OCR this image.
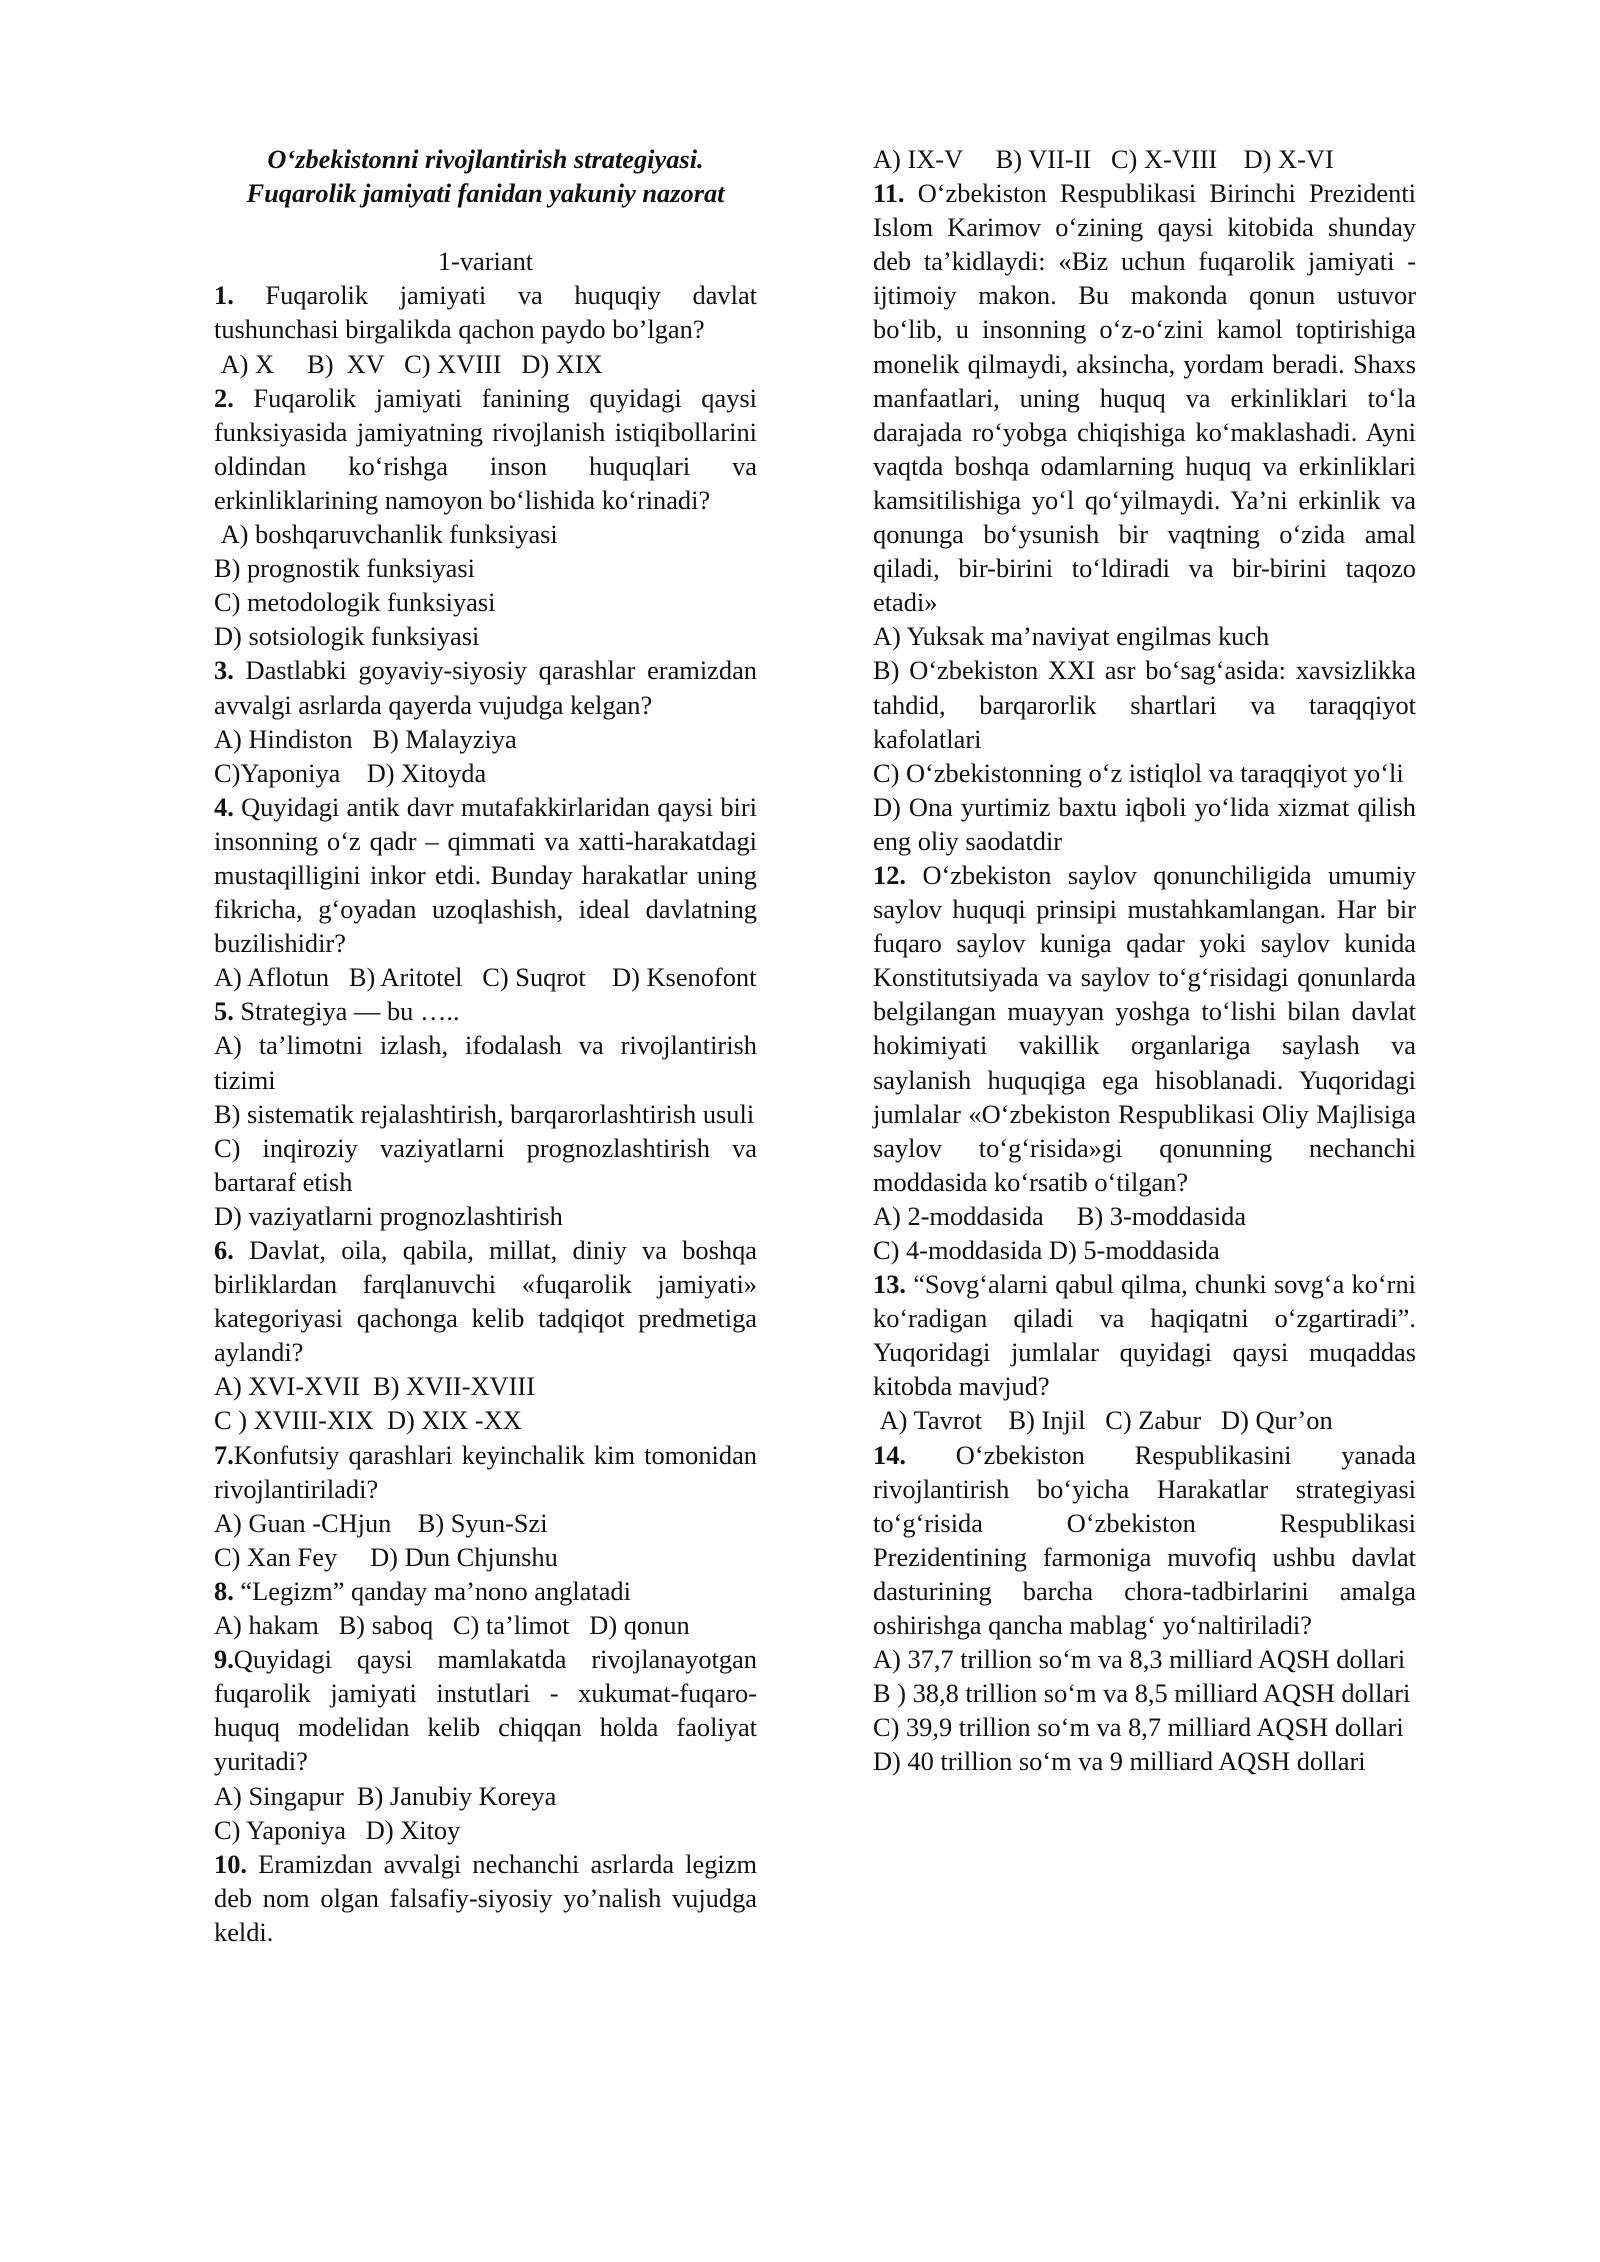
O‘zbekistonni rivojlantirish strategiyasi.

Fuqarolik jamiyati fanidan yakuniy nazorat

1-variant

1. Fuqarolik jamiyati va huquqiy davlat tushunchasi birgalikda qachon paydo bo’lgan?

A) X     B)  XV   C) XVIII   D) XIX

2. Fuqarolik jamiyati fanining quyidagi qaysi funksiyasida jamiyatning rivojlanish istiqibollarini oldindan ko‘rishga inson huquqlari va erkinliklarining namoyon bo‘lishida ko‘rinadi?

A) boshqaruvchanlik funksiyasi

B) prognostik funksiyasi

C) metodologik funksiyasi

D) sotsiologik funksiyasi

3. Dastlabki goyaviy-siyosiy qarashlar eramizdan avvalgi asrlarda qayerda vujudga kelgan?

A) Hindiston   B) Malayziya

C)Yaponiya    D) Xitoyda

4. Quyidagi antik davr mutafakkirlaridan qaysi biri insonning o‘z qadr – qimmati va xatti-harakatdagi mustaqilligini inkor etdi. Bunday harakatlar uning fikricha, g‘oyadan uzoqlashish, ideal davlatning buzilishidir?

A) Aflotun   B) Aritotel   C) Suqrot    D) Ksenofont

5. Strategiya — bu …..

A) ta’limotni izlash, ifodalash va rivojlantirish tizimi

B) sistematik rejalashtirish, barqarorlashtirish usuli

C) inqiroziy vaziyatlarni prognozlashtirish va bartaraf etish

D) vaziyatlarni prognozlashtirish

6. Davlat, oila, qabila, millat, diniy va boshqa birliklardan farqlanuvchi «fuqarolik jamiyati» kategoriyasi qachonga kelib tadqiqot predmetiga aylandi?

A) XVI-XVII  B) XVII-XVIII

C ) XVIII-XIX  D) XIX -XX

7.Konfutsiy qarashlari keyinchalik kim tomonidan rivojlantiriladi?

A) Guan -CHjun    B) Syun-Szi

C) Xan Fey     D) Dun Chjunshu

8. “Legizm” qanday ma’nono anglatadi

A) hakam   B) saboq   C) ta’limot   D) qonun

9.Quyidagi qaysi mamlakatda rivojlanayotgan fuqarolik jamiyati instutlari - xukumat-fuqaro-huquq modelidan kelib chiqqan holda faoliyat yuritadi?

A) Singapur  B) Janubiy Koreya

C) Yaponiya   D) Xitoy

10. Eramizdan avvalgi nechanchi asrlarda legizm deb nom olgan falsafiy-siyosiy yo’nalish vujudga keldi.

A) IX-V     B) VII-II   C) X-VIII    D) X-VI

11. O‘zbekiston Respublikasi Birinchi Prezidenti Islom Karimov o‘zining qaysi kitobida shunday deb ta’kidlaydi: «Biz uchun fuqarolik jamiyati - ijtimoiy makon. Bu makonda qonun ustuvor bo‘lib, u insonning o‘z-o‘zini kamol toptirishiga monelik qilmaydi, aksincha, yordam beradi. Shaxs manfaatlari, uning huquq va erkinliklari to‘la darajada ro‘yobga chiqishiga ko‘maklashadi. Ayni vaqtda boshqa odamlarning huquq va erkinliklari kamsitilishiga yo‘l qo‘yilmaydi. Ya’ni erkinlik va qonunga bo‘ysunish bir vaqtning o‘zida amal qiladi, bir-birini to‘ldiradi va bir-birini taqozo etadi»

A) Yuksak ma’naviyat engilmas kuch

B) O‘zbekiston XXI asr bo‘sag‘asida: xavsizlikka tahdid, barqarorlik shartlari va taraqqiyot kafolatlari

C) O‘zbekistonning o‘z istiqlol va taraqqiyot yo‘li

D) Ona yurtimiz baxtu iqboli yo‘lida xizmat qilish eng oliy saodatdir

12. O‘zbekiston saylov qonunchiligida umumiy saylov huquqi prinsipi mustahkamlangan. Har bir fuqaro saylov kuniga qadar yoki saylov kunida Konstitutsiyada va saylov to‘g‘risidagi qonunlarda belgilangan muayyan yoshga to‘lishi bilan davlat hokimiyati vakillik organlariga saylash va saylanish huquqiga ega hisoblanadi. Yuqoridagi jumlalar «O‘zbekiston Respublikasi Oliy Majlisiga saylov to‘g‘risida»gi qonunning nechanchi moddasida ko‘rsatib o‘tilgan?

A) 2-moddasida     B) 3-moddasida

C) 4-moddasida D) 5-moddasida

13. “Sovg‘alarni qabul qilma, chunki sovg‘a ko‘rni ko‘radigan qiladi va haqiqatni o‘zgartiradi”. Yuqoridagi jumlalar quyidagi qaysi muqaddas kitobda mavjud?

A) Tavrot    B) Injil   C) Zabur   D) Qur’on

14. O‘zbekiston Respublikasini yanada rivojlantirish bo‘yicha Harakatlar strategiyasi to‘g‘risida O‘zbekiston Respublikasi Prezidentining farmoniga muvofiq ushbu davlat dasturining barcha chora-tadbirlarini amalga oshirishga qancha mablag‘ yo‘naltiriladi?

A) 37,7 trillion so‘m va 8,3 milliard AQSH dollari

B ) 38,8 trillion so‘m va 8,5 milliard AQSH dollari

C) 39,9 trillion so‘m va 8,7 milliard AQSH dollari

D) 40 trillion so‘m va 9 milliard AQSH dollari
